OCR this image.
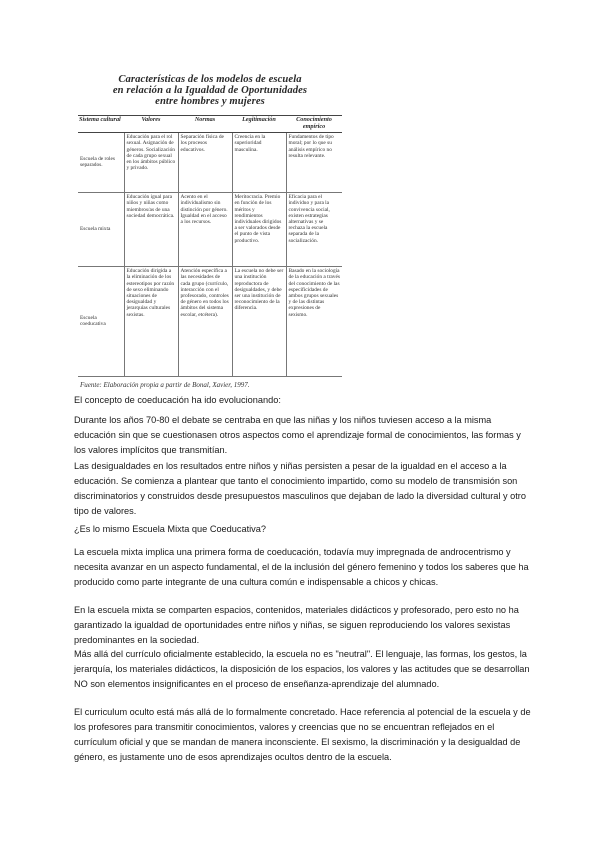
Características de los modelos de escuela
en relación a la Igualdad de Oportunidades
entre hombres y mujeres
Sistema cultural	Valores	Normas	Legitimación	Conocimiento empírico
Escuela de roles separados.	Educación para el rol sexual. Asignación de géneros. Socialización de cada grupo sexual en los ámbitos público y privado.	Separación física de los procesos educativos.	Creencia en la superioridad masculina.	Fundamentos de tipo moral; por lo que su análisis empírico no resulta relevante.
Escuela mixta	Educación igual para niños y niñas como miembros/as de una sociedad democrática.	Acento en el individualismo sin distinción por género. Igualdad en el acceso a los recursos.	Meritocracia. Premio en función de los méritos y rendimientos individuales dirigidos a ser valorados desde el punto de vista productivo.	Eficacia para el individuo y para la convivencia social, existen estrategias alternativas y se rechaza la escuela separada de la socialización.
Escuela coeducativa	Educación dirigida a la eliminación de los estereotipos por razón de sexo eliminando situaciones de desigualdad y jerarquías culturales sexistas.	Atención específica a las necesidades de cada grupo (currículo, interacción con el profesorado, controles de género en todos los ámbitos del sistema escolar, etcétera).	La escuela no debe ser una institución reproductora de desigualdades, y debe ser una institución de reconocimiento de la diferencia.	Basado en la sociología de la educación a través del conocimiento de las especificidades de ambos grupos sexuales y de las distintas expresiones de sexismo.
Fuente: Elaboración propia a partir de Bonal, Xavier, 1997.

El concepto de coeducación ha ido evolucionando:

Durante los años 70-80 el debate se centraba en que las niñas y los niños tuviesen acceso a la misma educación sin que se cuestionasen otros aspectos como el aprendizaje formal de conocimientos, las formas y los valores implícitos que transmitían.

Las desigualdades en los resultados entre niños y niñas persisten a pesar de la igualdad en el acceso a la educación. Se comienza a plantear que tanto el conocimiento impartido, como su modelo de transmisión son discriminatorios y construidos desde presupuestos masculinos que dejaban de lado la diversidad cultural y otro tipo de valores.

¿Es lo mismo Escuela Mixta que Coeducativa?

La escuela mixta implica una primera forma de coeducación, todavía muy impregnada de androcentrismo y necesita avanzar en un aspecto fundamental, el de la inclusión del género femenino y todos los saberes que ha producido como parte integrante de una cultura común e indispensable a chicos y chicas.

En la escuela mixta se comparten espacios, contenidos, materiales didácticos y profesorado, pero esto no ha garantizado la igualdad de oportunidades entre niños y niñas, se siguen reproduciendo los valores sexistas predominantes en la sociedad.

Más allá del currículo oficialmente establecido, la escuela no es "neutral". El lenguaje, las formas, los gestos, la jerarquía, los materiales didácticos, la disposición de los espacios, los valores y las actitudes que se desarrollan NO son elementos insignificantes en el proceso de enseñanza-aprendizaje del alumnado.

El curriculum oculto está más allá de lo formalmente concretado. Hace referencia al potencial de la escuela y de los profesores para transmitir conocimientos, valores y creencias que no se encuentran reflejados en el currículum oficial y que se mandan de manera inconsciente. El sexismo, la discriminación y la desigualdad de género, es justamente uno de esos aprendizajes ocultos dentro de la escuela.
